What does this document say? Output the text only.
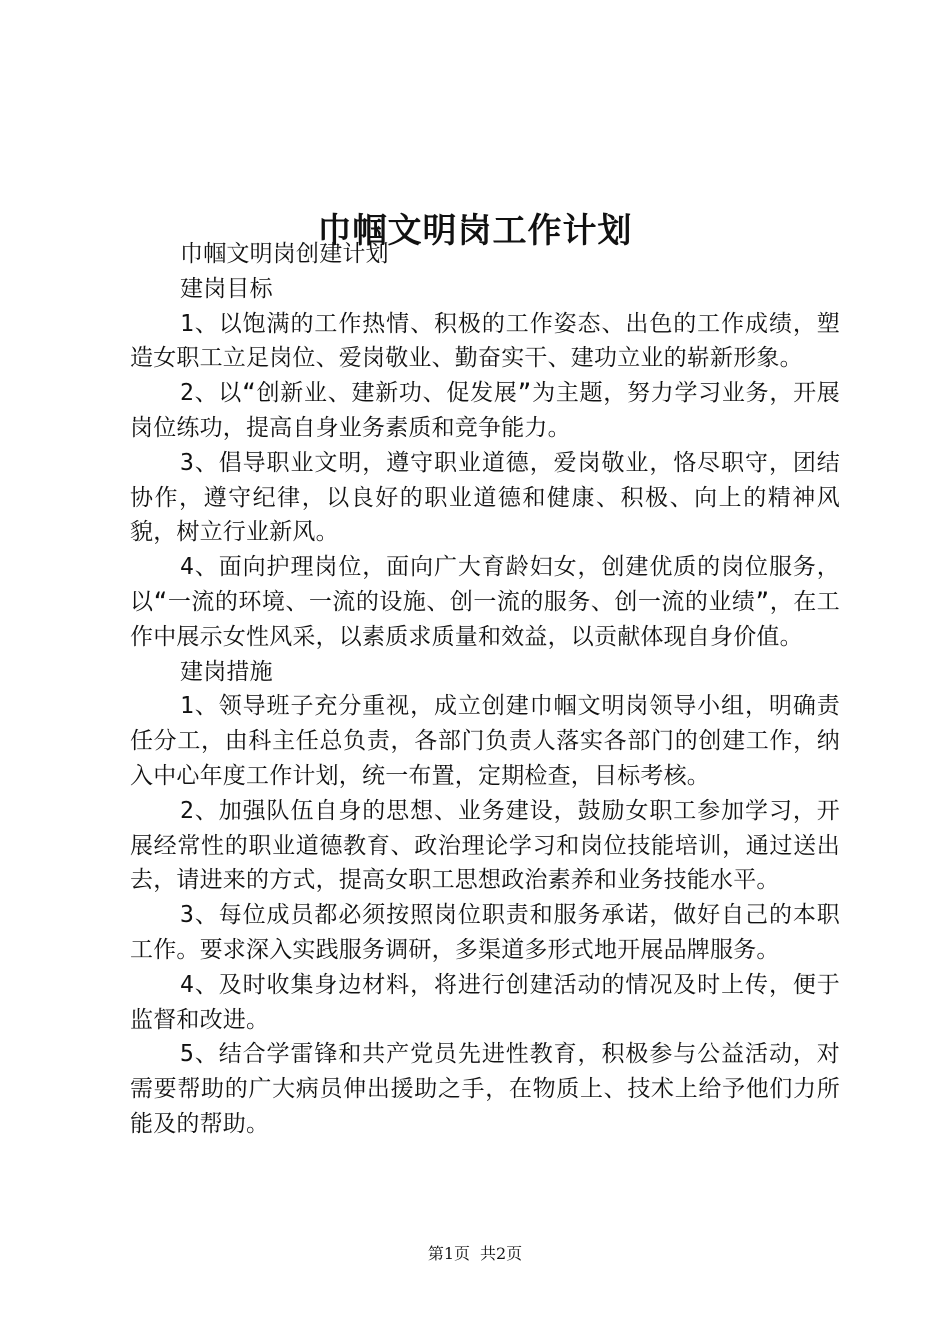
巾帼文明岗工作计划

巾帼文明岗创建计划

建岗目标

1、以饱满的工作热情、积极的工作姿态、出色的工作成绩，塑造女职工立足岗位、爱岗敬业、勤奋实干、建功立业的崭新形象。

2、以“创新业、建新功、促发展”为主题，努力学习业务，开展岗位练功，提高自身业务素质和竞争能力。

3、倡导职业文明，遵守职业道德，爱岗敬业，恪尽职守，团结协作，遵守纪律，以良好的职业道德和健康、积极、向上的精神风貌，树立行业新风。

4、面向护理岗位，面向广大育龄妇女，创建优质的岗位服务，以“一流的环境、一流的设施、创一流的服务、创一流的业绩”，在工作中展示女性风采，以素质求质量和效益，以贡献体现自身价值。

建岗措施

1、领导班子充分重视，成立创建巾帼文明岗领导小组，明确责任分工，由科主任总负责，各部门负责人落实各部门的创建工作，纳入中心年度工作计划，统一布置，定期检查，目标考核。

2、加强队伍自身的思想、业务建设，鼓励女职工参加学习，开展经常性的职业道德教育、政治理论学习和岗位技能培训，通过送出去，请进来的方式，提高女职工思想政治素养和业务技能水平。

3、每位成员都必须按照岗位职责和服务承诺，做好自己的本职工作。要求深入实践服务调研，多渠道多形式地开展品牌服务。

4、及时收集身边材料，将进行创建活动的情况及时上传，便于监督和改进。

5、结合学雷锋和共产党员先进性教育，积极参与公益活动，对需要帮助的广大病员伸出援助之手，在物质上、技术上给予他们力所能及的帮助。

第1页 共2页
